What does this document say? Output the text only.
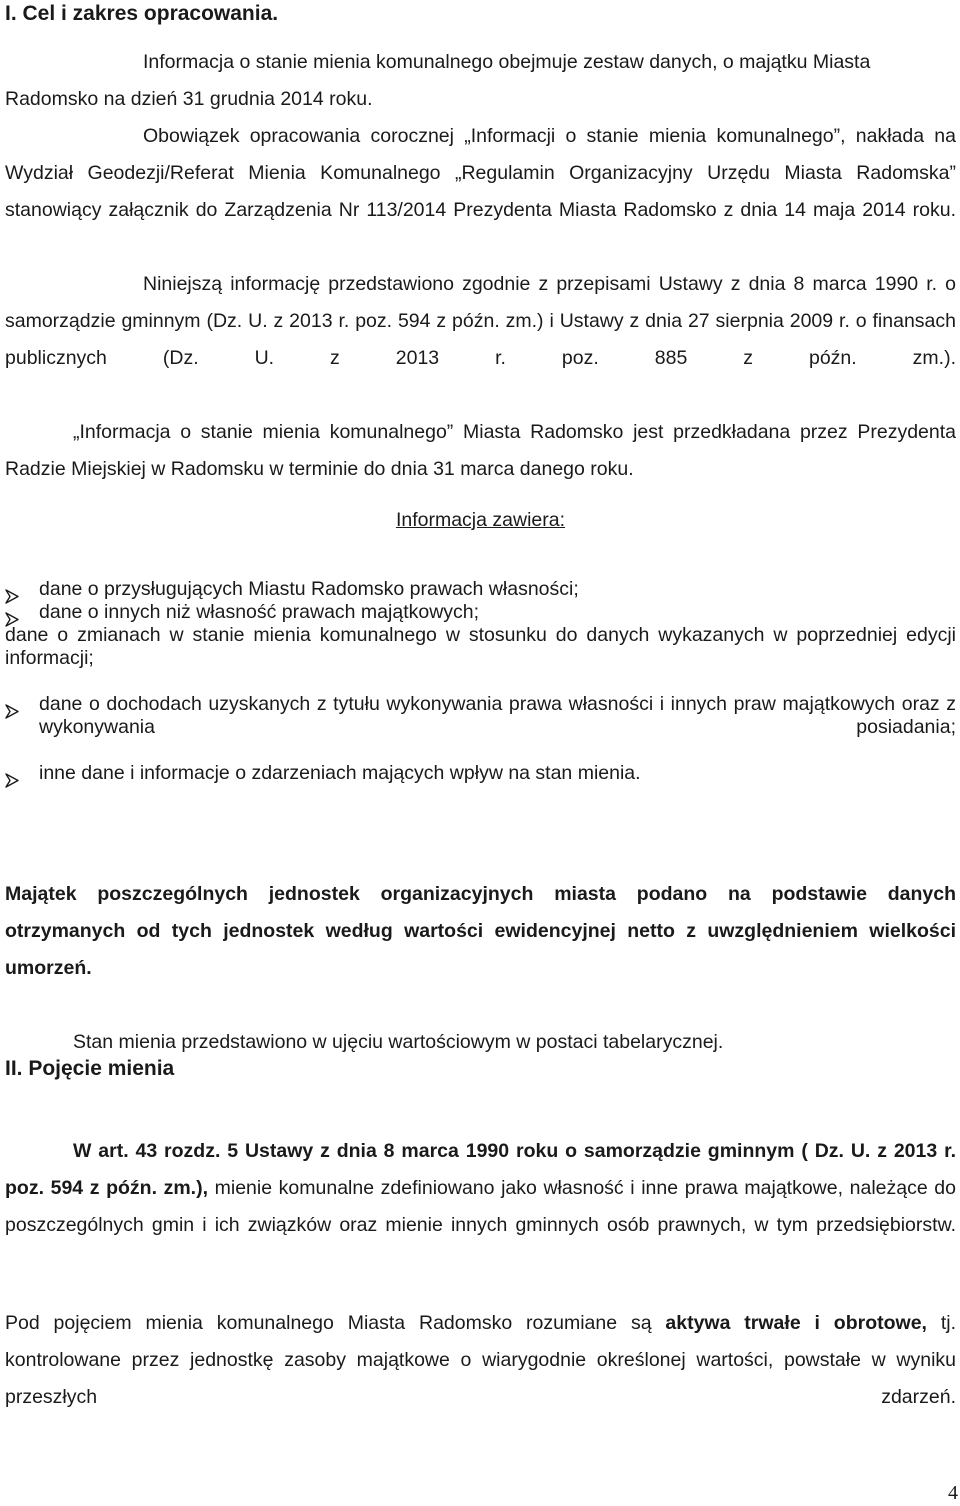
I. Cel i zakres opracowania.

Informacja o stanie mienia komunalnego obejmuje zestaw danych, o majątku Miasta

Radomsko na dzień 31 grudnia 2014 roku.

Obowiązek opracowania corocznej „Informacji o stanie mienia komunalnego”, nakłada na Wydział Geodezji/Referat Mienia Komunalnego „Regulamin Organizacyjny Urzędu Miasta Radomska” stanowiący załącznik do Zarządzenia Nr 113/2014 Prezydenta Miasta Radomsko z dnia 14 maja 2014 roku.

Niniejszą informację przedstawiono zgodnie z przepisami Ustawy z dnia 8 marca 1990 r. o samorządzie gminnym (Dz. U. z 2013 r. poz. 594 z późn. zm.) i Ustawy z dnia 27 sierpnia 2009 r. o finansach publicznych (Dz. U. z 2013 r. poz. 885 z późn. zm.).

„Informacja o stanie mienia komunalnego” Miasta Radomsko jest przedkładana przez Prezydenta Radzie Miejskiej w Radomsku w terminie do dnia 31 marca danego roku.

Informacja zawiera:
dane o przysługujących Miastu Radomsko prawach własności;
dane o innych niż własność prawach majątkowych;
dane o zmianach w stanie mienia komunalnego w stosunku do danych wykazanych w poprzedniej edycji informacji;
dane o dochodach uzyskanych z tytułu wykonywania prawa własności i innych praw majątkowych oraz z wykonywania posiadania;
inne dane i informacje o zdarzeniach mających wpływ na stan mienia.

Majątek poszczególnych jednostek organizacyjnych miasta podano na podstawie danych otrzymanych od tych jednostek według wartości ewidencyjnej netto z uwzględnieniem wielkości umorzeń.

Stan mienia przedstawiono w ujęciu wartościowym w postaci tabelarycznej.

II. Pojęcie mienia

W art. 43 rozdz. 5 Ustawy z dnia 8 marca 1990 roku o samorządzie gminnym ( Dz. U. z 2013 r. poz. 594 z późn. zm.), mienie komunalne zdefiniowano jako własność i inne prawa majątkowe, należące do poszczególnych gmin i ich związków oraz mienie innych gminnych osób prawnych, w tym przedsiębiorstw.

Pod pojęciem mienia komunalnego Miasta Radomsko rozumiane są aktywa trwałe i obrotowe, tj. kontrolowane przez jednostkę zasoby majątkowe o wiarygodnie określonej wartości, powstałe w wyniku przeszłych zdarzeń.

4
